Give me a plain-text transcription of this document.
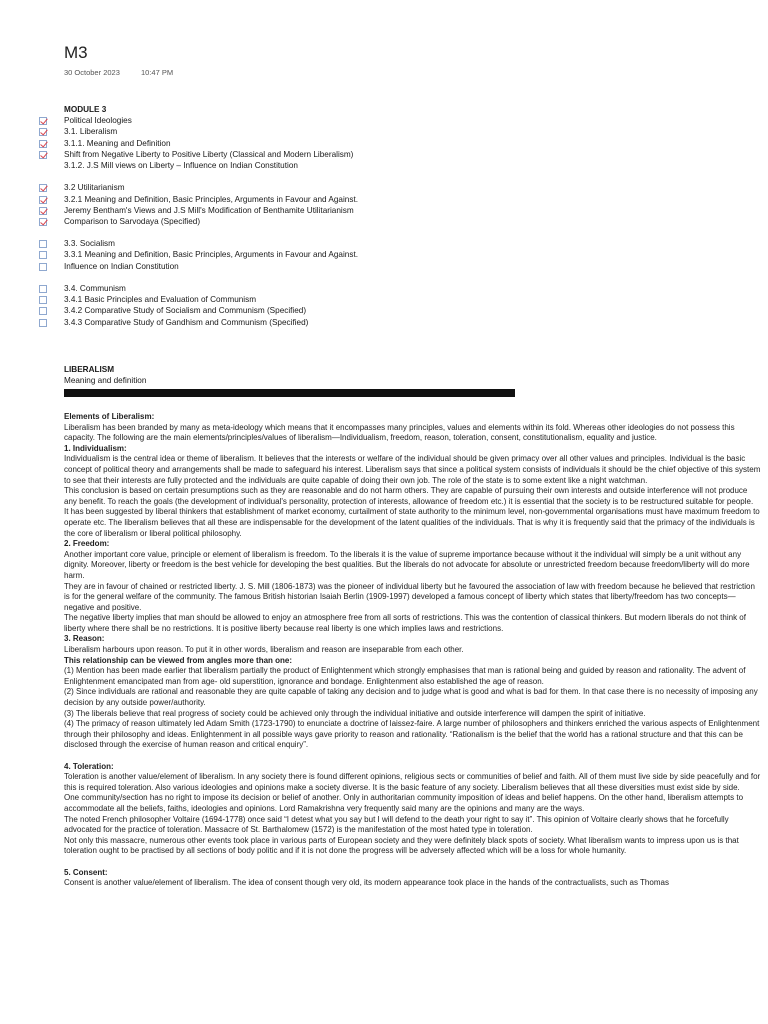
M3
30 October 2023	10:47 PM
MODULE 3
Political Ideologies
3.1. Liberalism
3.1.1. Meaning and Definition
Shift from Negative Liberty to Positive Liberty (Classical and Modern Liberalism)
3.1.2. J.S Mill views on Liberty – Influence on Indian Constitution
3.2 Utilitarianism
3.2.1 Meaning and Definition, Basic Principles, Arguments in Favour and Against.
Jeremy Bentham's Views and J.S Mill's Modification of Benthamite Utilitarianism
Comparison to Sarvodaya (Specified)
3.3. Socialism
3.3.1 Meaning and Definition, Basic Principles, Arguments in Favour and Against.
Influence on Indian Constitution
3.4. Communism
3.4.1 Basic Principles and Evaluation of Communism
3.4.2 Comparative Study of Socialism and Communism (Specified)
3.4.3 Comparative Study of Gandhism and Communism (Specified)
LIBERALISM
Meaning and definition

Elements of Liberalism:

Liberalism has been branded by many as meta-ideology which means that it encompasses many principles, values and elements within its fold. Whereas other ideologies do not possess this capacity. The following are the main elements/principles/values of liberalism—Individualism, freedom, reason, toleration, consent, constitutionalism, equality and justice.

1. Individualism:

Individualism is the central idea or theme of liberalism. It believes that the interests or welfare of the individual should be given primacy over all other values and principles. Individual is the basic concept of political theory and arrangements shall be made to safeguard his interest. Liberalism says that since a political system consists of individuals it should be the chief objective of this system to see that their interests are fully protected and the individuals are quite capable of doing their own job. The role of the state is to some extent like a night watchman.

This conclusion is based on certain presumptions such as they are reasonable and do not harm others. They are capable of pursuing their own interests and outside interference will not produce any benefit. To reach the goals (the development of individual's personality, protection of interests, allowance of freedom etc.) it is essential that the society is to be restructured suitable for people.

It has been suggested by liberal thinkers that establishment of market economy, curtailment of state authority to the minimum level, non-governmental organisations must have maximum freedom to operate etc. The liberalism believes that all these are indispensable for the development of the latent qualities of the individuals. That is why it is frequently said that the primacy of the individuals is the core of liberalism or liberal political philosophy.

2. Freedom:

Another important core value, principle or element of liberalism is freedom. To the liberals it is the value of supreme importance because without it the individual will simply be a unit without any dignity. Moreover, liberty or freedom is the best vehicle for developing the best qualities. But the liberals do not advocate for absolute or unrestricted freedom because freedom/liberty will do more harm.

They are in favour of chained or restricted liberty. J. S. Mill (1806-1873) was the pioneer of individual liberty but he favoured the association of law with freedom because he believed that restriction is for the general welfare of the community. The famous British historian Isaiah Berlin (1909-1997) developed a famous concept of liberty which states that liberty/freedom has two concepts—negative and positive.

The negative liberty implies that man should be allowed to enjoy an atmosphere free from all sorts of restrictions. This was the contention of classical thinkers. But modern liberals do not think of liberty where there shall be no restrictions. It is positive liberty because real liberty is one which implies laws and restrictions.

3. Reason:

Liberalism harbours upon reason. To put it in other words, liberalism and reason are inseparable from each other.

This relationship can be viewed from angles more than one:

(1) Mention has been made earlier that liberalism partially the product of Enlightenment which strongly emphasises that man is rational being and guided by reason and rationality. The advent of Enlightenment emancipated man from age- old superstition, ignorance and bondage. Enlightenment also established the age of reason.

(2) Since individuals are rational and reasonable they are quite capable of taking any decision and to judge what is good and what is bad for them. In that case there is no necessity of imposing any decision by any outside power/authority.

(3) The liberals believe that real progress of society could be achieved only through the individual initiative and outside interference will dampen the spirit of initiative.

(4) The primacy of reason ultimately led Adam Smith (1723-1790) to enunciate a doctrine of laissez-faire. A large number of philosophers and thinkers enriched the various aspects of Enlightenment through their philosophy and ideas. Enlightenment in all possible ways gave priority to reason and rationality. “Rationalism is the belief that the world has a rational structure and that this can be disclosed through the exercise of human reason and critical enquiry”.

4. Toleration:

Toleration is another value/element of liberalism. In any society there is found different opinions, religious sects or communities of belief and faith. All of them must live side by side peacefully and for this is required toleration. Also various ideologies and opinions make a society diverse. It is the basic feature of any society. Liberalism believes that all these diversities must exist side by side.

One community/section has no right to impose its decision or belief of another. Only in authoritarian community imposition of ideas and belief happens. On the other hand, liberalism attempts to accommodate all the beliefs, faiths, ideologies and opinions. Lord Ramakrishna very frequently said many are the opinions and many are the ways.

The noted French philosopher Voltaire (1694-1778) once said “I detest what you say but I will defend to the death your right to say it”. This opinion of Voltaire clearly shows that he forcefully advocated for the practice of toleration. Massacre of St. Barthalomew (1572) is the manifestation of the most hated type in toleration.

Not only this massacre, numerous other events took place in various parts of European society and they were definitely black spots of society. What liberalism wants to impress upon us is that toleration ought to be practised by all sections of body politic and if it is not done the progress will be adversely affected which will be a loss for whole humanity.

5. Consent:

Consent is another value/element of liberalism. The idea of consent though very old, its modern appearance took place in the hands of the contractualists, such as Thomas
